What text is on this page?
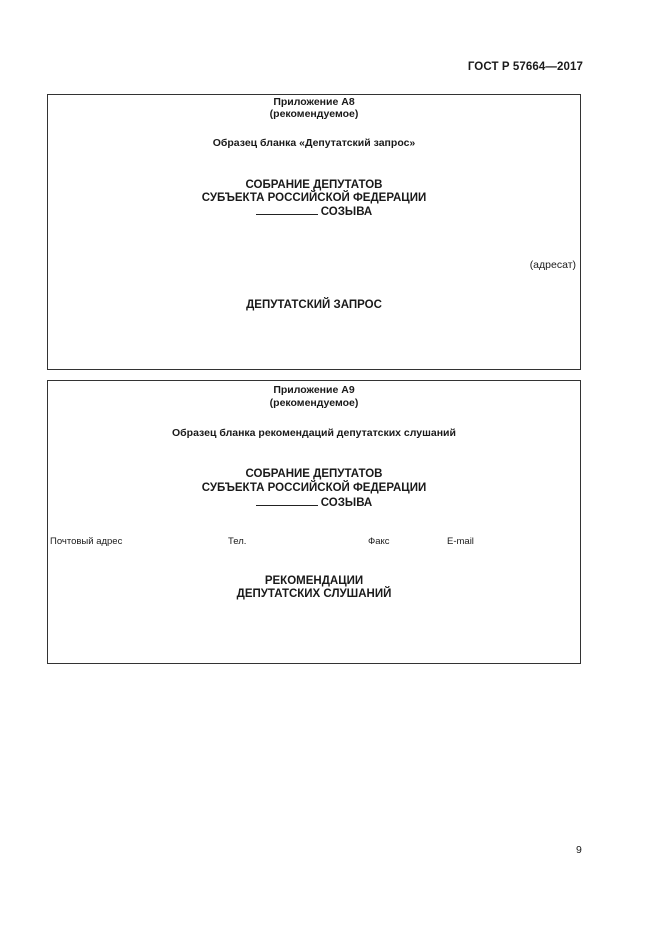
ГОСТ Р 57664—2017
Приложение А8
(рекомендуемое)
Образец бланка «Депутатский запрос»
СОБРАНИЕ ДЕПУТАТОВ
СУБЪЕКТА РОССИЙСКОЙ ФЕДЕРАЦИИ
СОЗЫВА
(адресат)
ДЕПУТАТСКИЙ ЗАПРОС
Приложение А9
(рекомендуемое)
Образец бланка рекомендаций депутатских слушаний
СОБРАНИЕ ДЕПУТАТОВ
СУБЪЕКТА РОССИЙСКОЙ ФЕДЕРАЦИИ
СОЗЫВА
Почтовый адрес	Тел.	Факс	E-mail
РЕКОМЕНДАЦИИ
ДЕПУТАТСКИХ СЛУШАНИЙ
9
